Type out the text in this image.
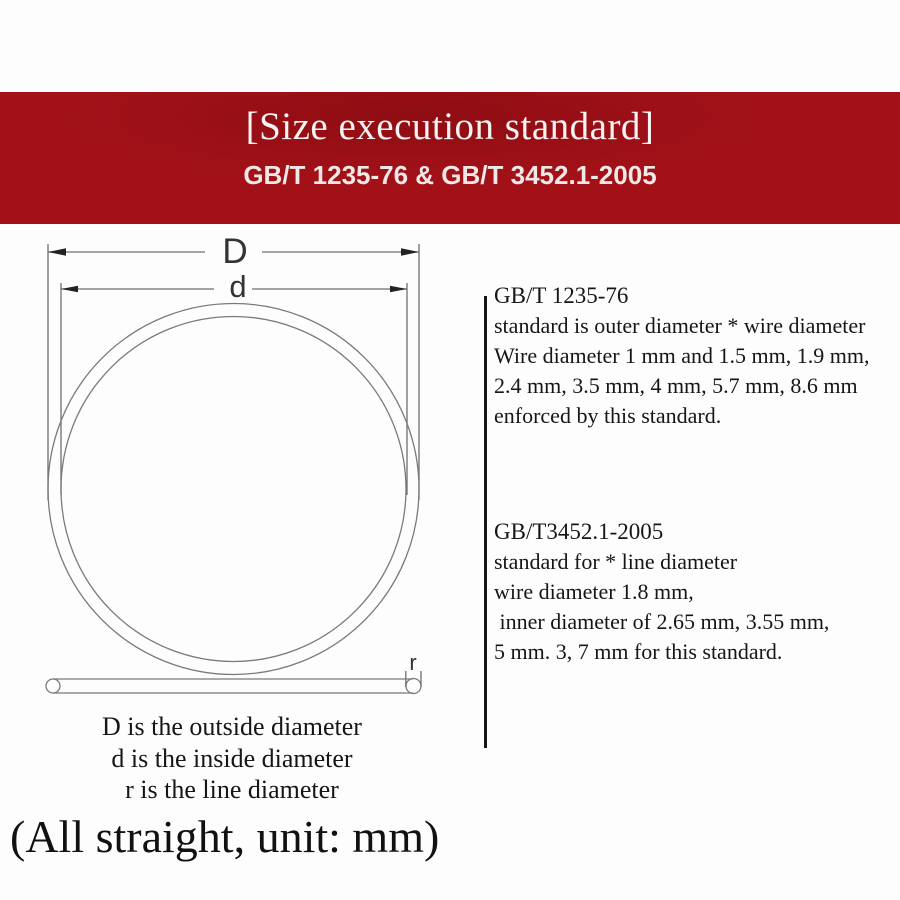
[Size execution standard]
GB/T 1235-76 & GB/T 3452.1-2005
D
d
r
GB/T 1235-76
standard is outer diameter * wire diameter
Wire diameter 1 mm and 1.5 mm, 1.9 mm,
2.4 mm, 3.5 mm, 4 mm, 5.7 mm, 8.6 mm
enforced by this standard.
GB/T3452.1-2005
standard for * line diameter
wire diameter 1.8 mm,
inner diameter of 2.65 mm, 3.55 mm,
5 mm. 3, 7 mm for this standard.
D is the outside diameter
d is the inside diameter
r is the line diameter
(All straight, unit: mm)
